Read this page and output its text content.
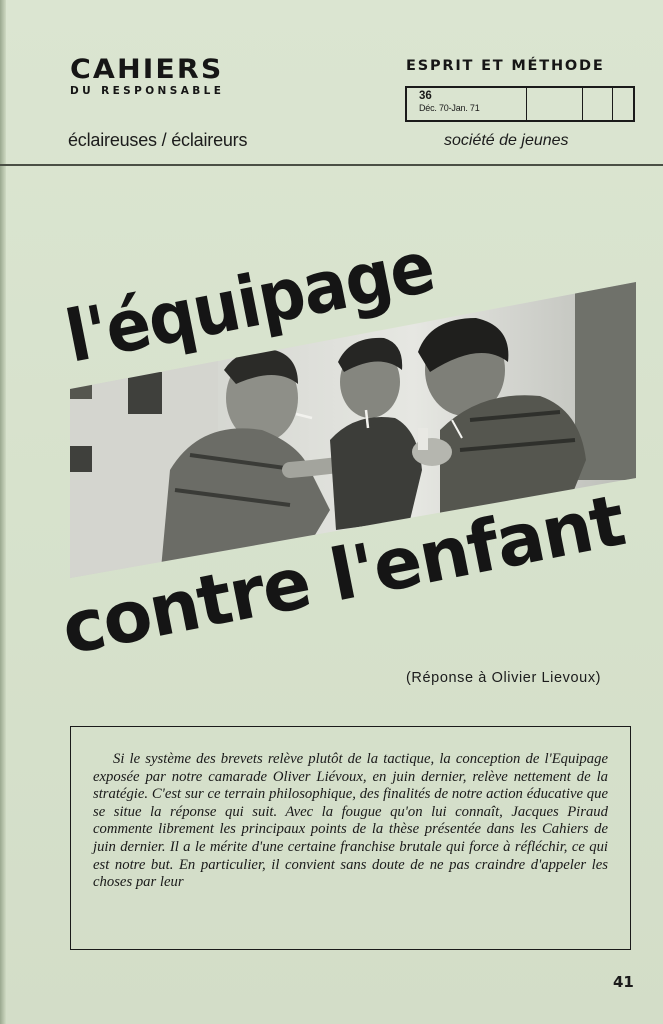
CAHIERS
DU RESPONSABLE
éclaireuses / éclaireurs
ESPRIT ET MÉTHODE
36
Déc. 70-Jan. 71
société de jeunes
l'équipage
contre l'enfant
(Réponse à Olivier Lievoux)

Si le système des brevets relève plutôt de la tactique, la conception de l'Equipage exposée par notre camarade Oliver Liévoux, en juin dernier, relève nettement de la stratégie. C'est sur ce terrain philosophique, des finalités de notre action éducative que se situe la réponse qui suit. Avec la fougue qu'on lui connaît, Jacques Piraud commente librement les principaux points de la thèse présentée dans les Cahiers de juin dernier. Il a le mérite d'une certaine franchise brutale qui force à réfléchir, ce qui est notre but. En particulier, il convient sans doute de ne pas craindre d'appeler les choses par leur

41
